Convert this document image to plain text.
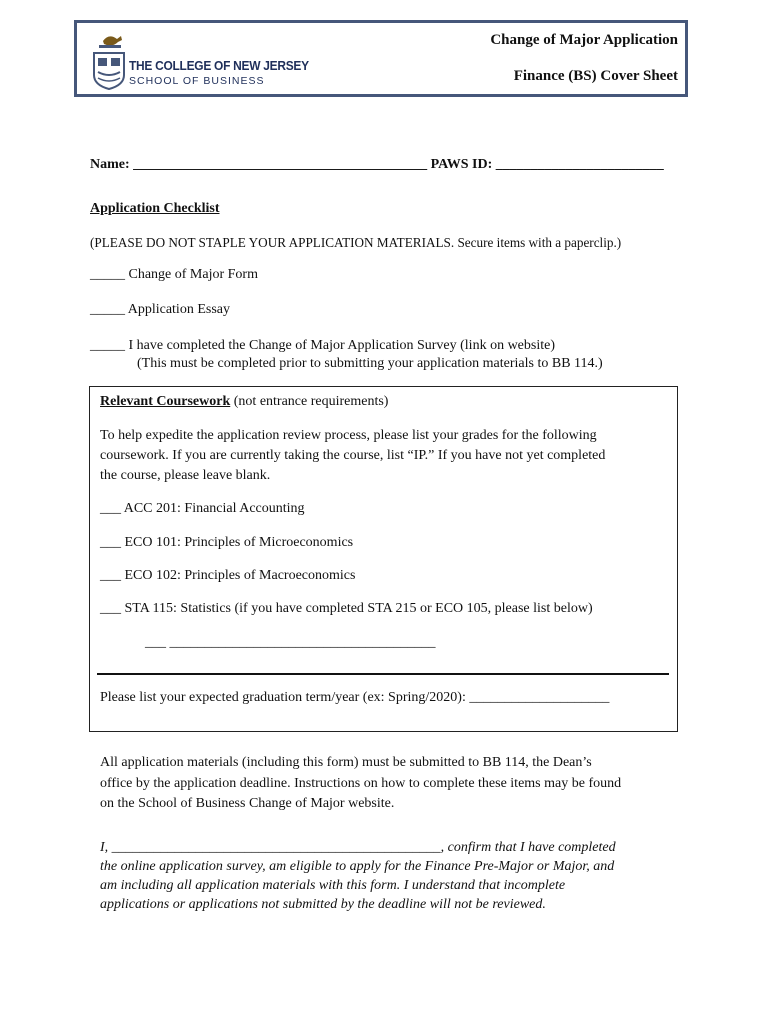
THE COLLEGE OF NEW JERSEY
SCHOOL OF BUSINESS
Change of Major Application
Finance (BS) Cover Sheet
Name: __________________________________________ PAWS ID: ________________________
Application Checklist
(PLEASE DO NOT STAPLE YOUR APPLICATION MATERIALS. Secure items with a paperclip.)
_____ Change of Major Form
_____ Application Essay
_____ I have completed the Change of Major Application Survey (link on website)
(This must be completed prior to submitting your application materials to BB 114.)
Relevant Coursework (not entrance requirements)
To help expedite the application review process, please list your grades for the following
coursework. If you are currently taking the course, list “IP.” If you have not yet completed
the course, please leave blank.
___ ACC 201: Financial Accounting
___ ECO 101: Principles of Microeconomics
___ ECO 102: Principles of Macroeconomics
___ STA 115: Statistics (if you have completed STA 215 or ECO 105, please list below)
___ ______________________________________
Please list your expected graduation term/year (ex: Spring/2020): ____________________
All application materials (including this form) must be submitted to BB 114, the Dean’s
office by the application deadline. Instructions on how to complete these items may be found
on the School of Business Change of Major website.
I, _______________________________________________, confirm that I have completed
the online application survey, am eligible to apply for the Finance Pre-Major or Major, and
am including all application materials with this form. I understand that incomplete
applications or applications not submitted by the deadline will not be reviewed.
